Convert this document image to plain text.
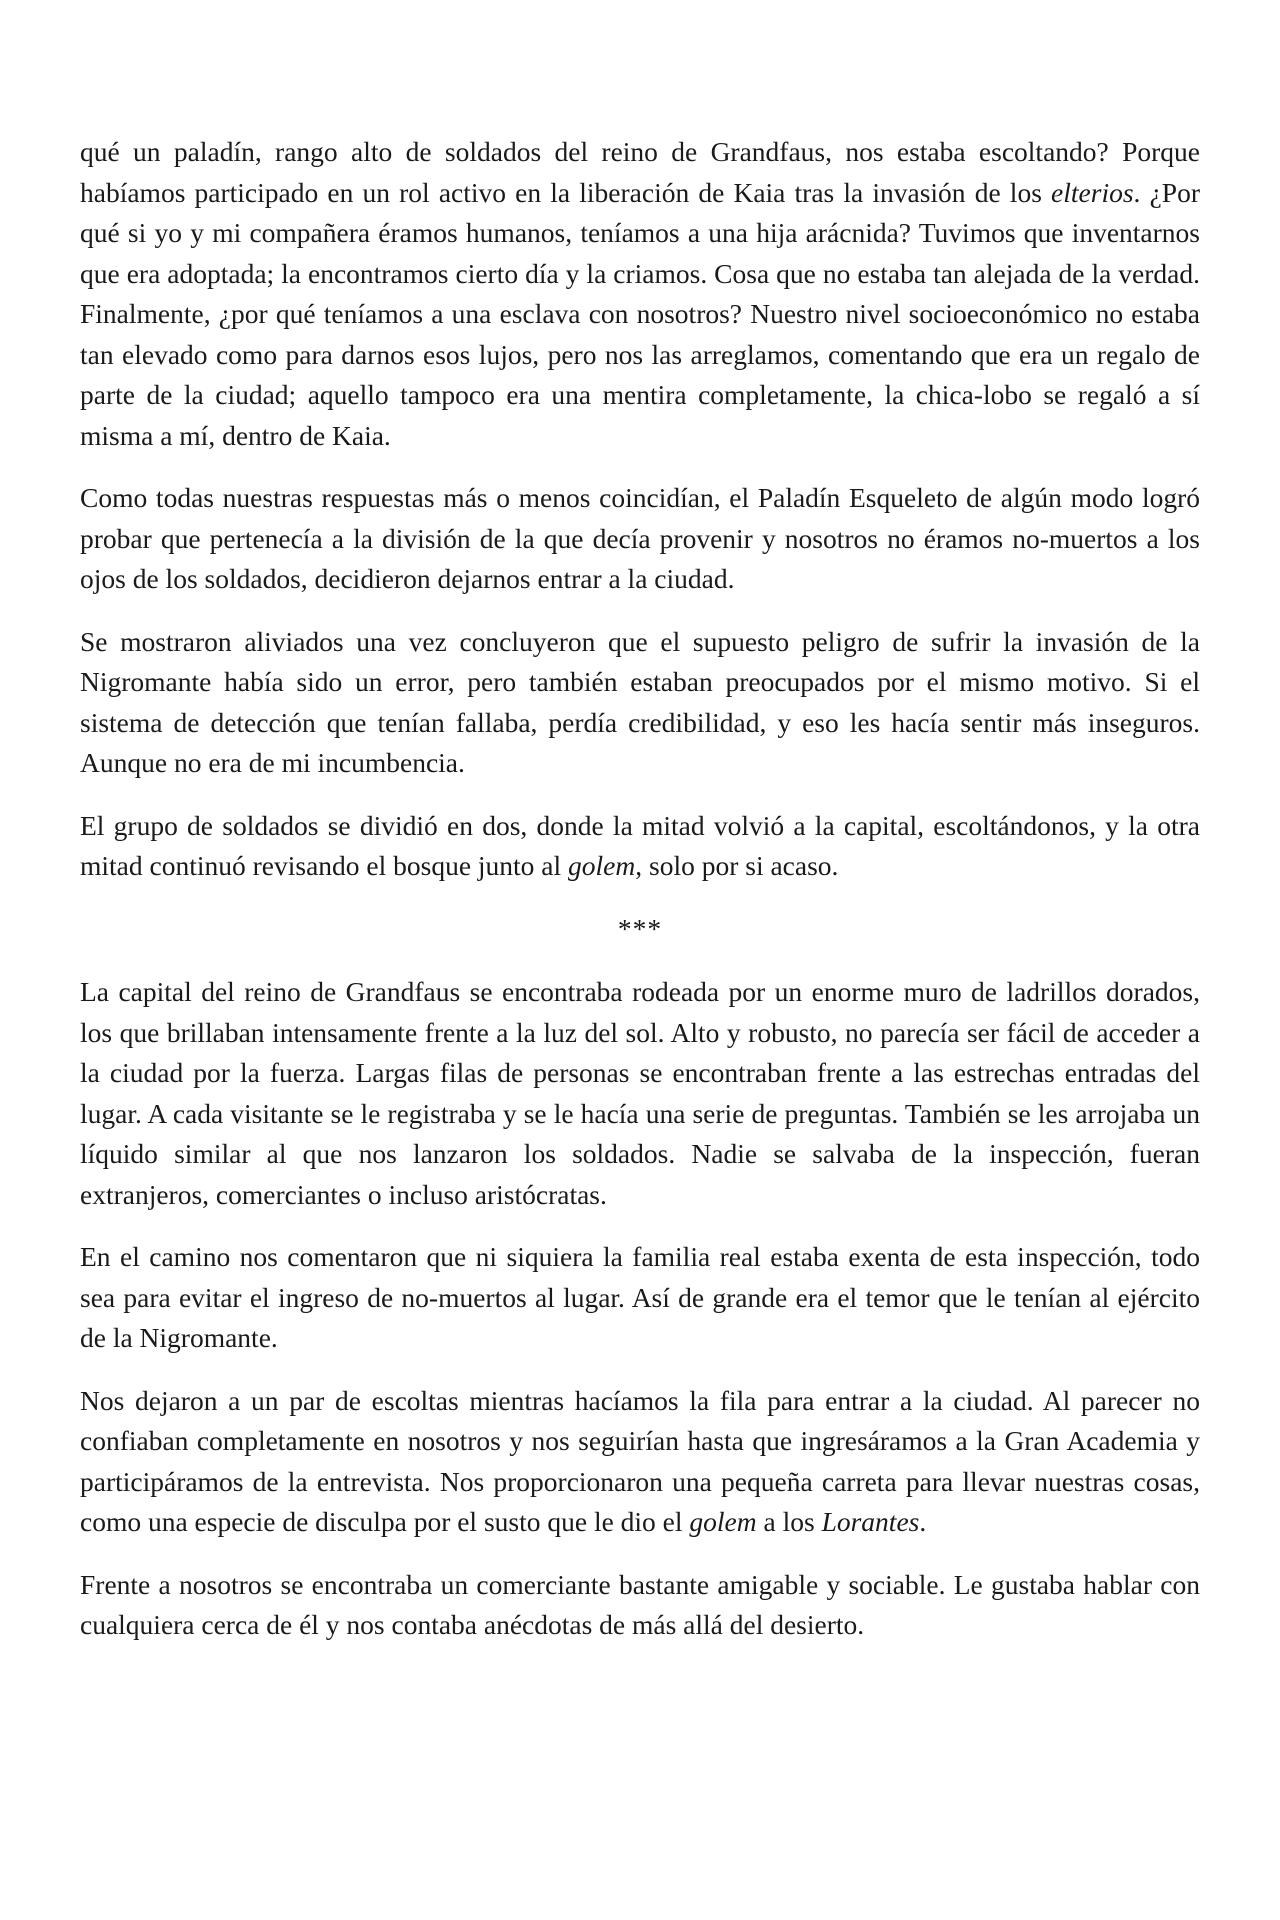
qué un paladín, rango alto de soldados del reino de Grandfaus, nos estaba escoltando? Porque habíamos participado en un rol activo en la liberación de Kaia tras la invasión de los elterios. ¿Por qué si yo y mi compañera éramos humanos, teníamos a una hija arácnida? Tuvimos que inventarnos que era adoptada; la encontramos cierto día y la criamos. Cosa que no estaba tan alejada de la verdad. Finalmente, ¿por qué teníamos a una esclava con nosotros? Nuestro nivel socioeconómico no estaba tan elevado como para darnos esos lujos, pero nos las arreglamos, comentando que era un regalo de parte de la ciudad; aquello tampoco era una mentira completamente, la chica-lobo se regaló a sí misma a mí, dentro de Kaia.

Como todas nuestras respuestas más o menos coincidían, el Paladín Esqueleto de algún modo logró probar que pertenecía a la división de la que decía provenir y nosotros no éramos no-muertos a los ojos de los soldados, decidieron dejarnos entrar a la ciudad.

Se mostraron aliviados una vez concluyeron que el supuesto peligro de sufrir la invasión de la Nigromante había sido un error, pero también estaban preocupados por el mismo motivo. Si el sistema de detección que tenían fallaba, perdía credibilidad, y eso les hacía sentir más inseguros. Aunque no era de mi incumbencia.

El grupo de soldados se dividió en dos, donde la mitad volvió a la capital, escoltándonos, y la otra mitad continuó revisando el bosque junto al golem, solo por si acaso.

***

La capital del reino de Grandfaus se encontraba rodeada por un enorme muro de ladrillos dorados, los que brillaban intensamente frente a la luz del sol. Alto y robusto, no parecía ser fácil de acceder a la ciudad por la fuerza. Largas filas de personas se encontraban frente a las estrechas entradas del lugar. A cada visitante se le registraba y se le hacía una serie de preguntas. También se les arrojaba un líquido similar al que nos lanzaron los soldados. Nadie se salvaba de la inspección, fueran extranjeros, comerciantes o incluso aristócratas.

En el camino nos comentaron que ni siquiera la familia real estaba exenta de esta inspección, todo sea para evitar el ingreso de no-muertos al lugar. Así de grande era el temor que le tenían al ejército de la Nigromante.

Nos dejaron a un par de escoltas mientras hacíamos la fila para entrar a la ciudad. Al parecer no confiaban completamente en nosotros y nos seguirían hasta que ingresáramos a la Gran Academia y participáramos de la entrevista. Nos proporcionaron una pequeña carreta para llevar nuestras cosas, como una especie de disculpa por el susto que le dio el golem a los Lorantes.

Frente a nosotros se encontraba un comerciante bastante amigable y sociable. Le gustaba hablar con cualquiera cerca de él y nos contaba anécdotas de más allá del desierto.
